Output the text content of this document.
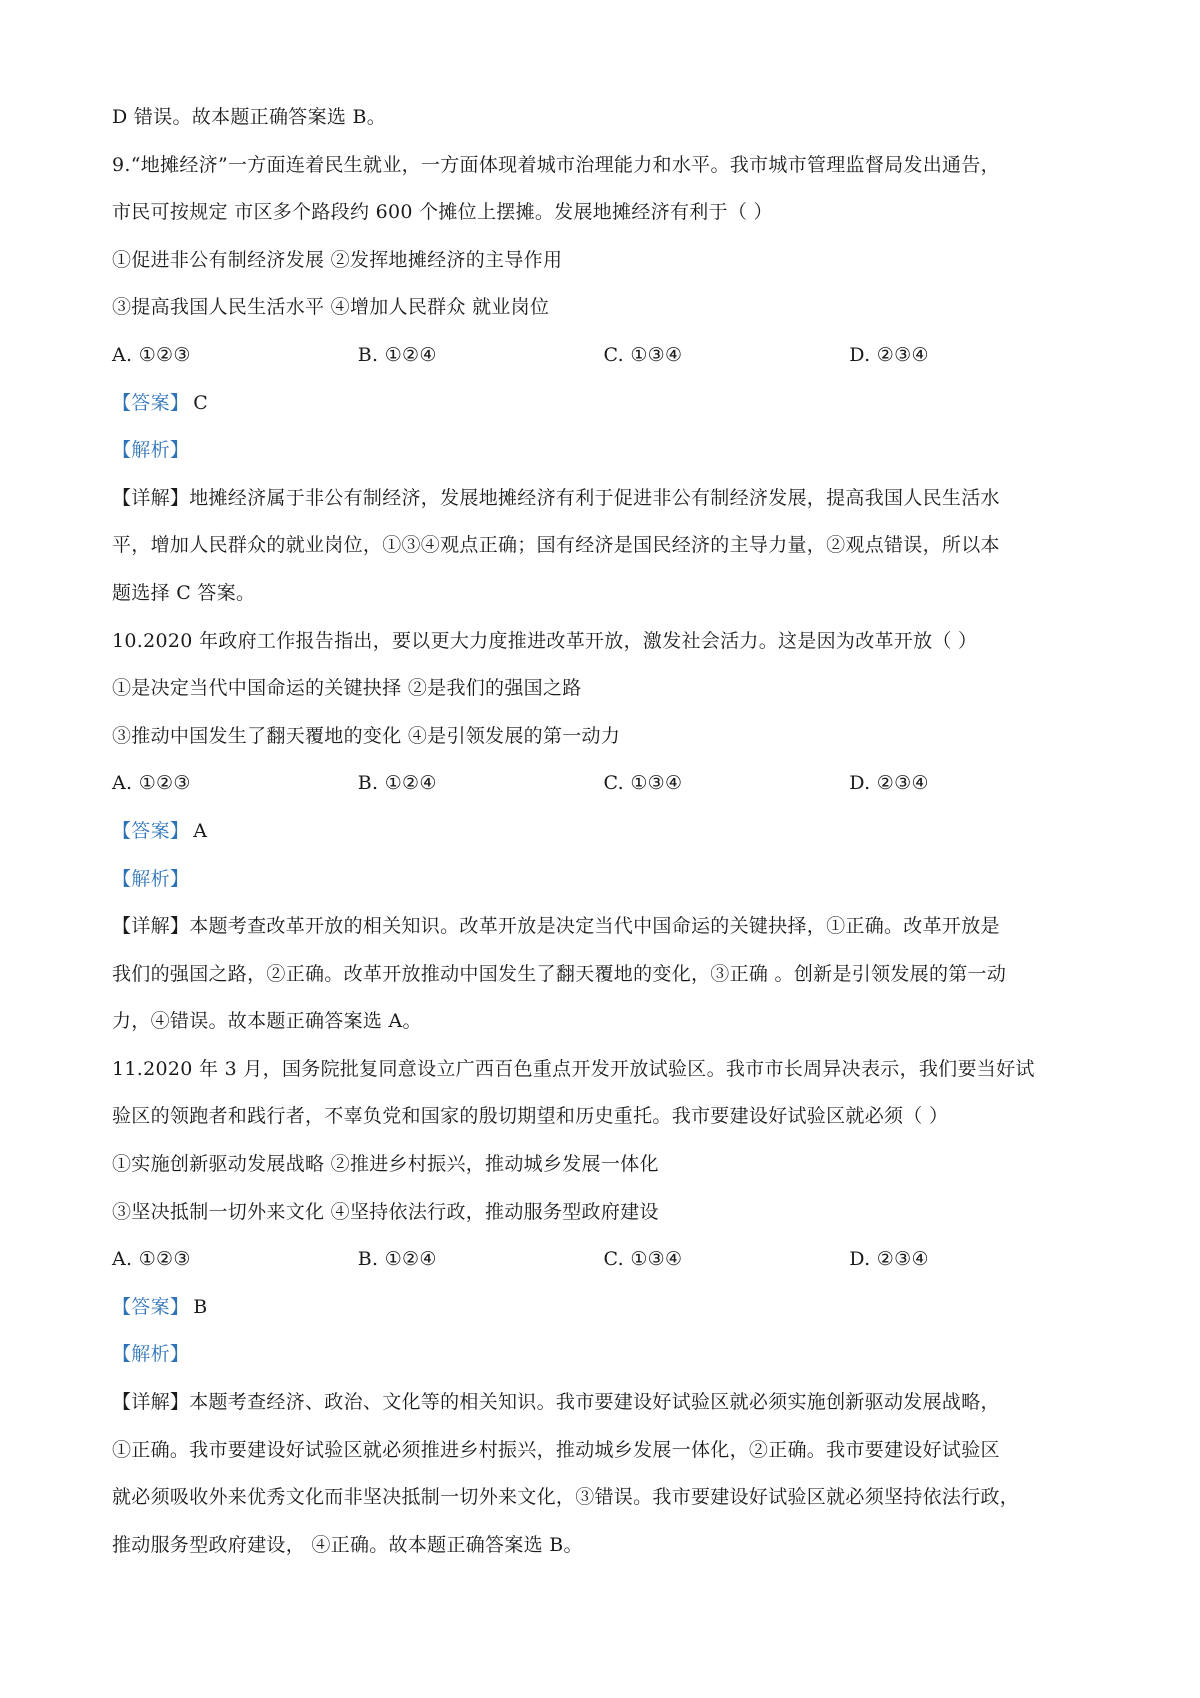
D 错误。故本题正确答案选 B。
9.“地摊经济”一方面连着民生就业，一方面体现着城市治理能力和水平。我市城市管理监督局发出通告，
市民可按规定 市区多个路段约 600 个摊位上摆摊。发展地摊经济有利于（ ）
①促进非公有制经济发展 ②发挥地摊经济的主导作用
③提高我国人民生活水平 ④增加人民群众 就业岗位
A. ①②③	B. ①②④	C. ①③④	D. ②③④
【答案】 C
【解析】
【详解】地摊经济属于非公有制经济，发展地摊经济有利于促进非公有制经济发展，提高我国人民生活水
平，增加人民群众的就业岗位，①③④观点正确；国有经济是国民经济的主导力量，②观点错误，所以本
题选择 C 答案。
10.2020 年政府工作报告指出，要以更大力度推进改革开放，激发社会活力。这是因为改革开放（ ）
①是决定当代中国命运的关键抉择 ②是我们的强国之路
③推动中国发生了翻天覆地的变化 ④是引领发展的第一动力
A. ①②③	B. ①②④	C. ①③④	D. ②③④
【答案】 A
【解析】
【详解】本题考查改革开放的相关知识。改革开放是决定当代中国命运的关键抉择，①正确。改革开放是
我们的强国之路，②正确。改革开放推动中国发生了翻天覆地的变化，③正确 。创新是引领发展的第一动
力，④错误。故本题正确答案选 A。
11.2020 年 3 月，国务院批复同意设立广西百色重点开发开放试验区。我市市长周异决表示，我们要当好试
验区的领跑者和践行者，不辜负党和国家的殷切期望和历史重托。我市要建设好试验区就必须（ ）
①实施创新驱动发展战略 ②推进乡村振兴，推动城乡发展一体化
③坚决抵制一切外来文化 ④坚持依法行政，推动服务型政府建设
A. ①②③	B. ①②④	C. ①③④	D. ②③④
【答案】 B
【解析】
【详解】本题考查经济、政治、文化等的相关知识。我市要建设好试验区就必须实施创新驱动发展战略，
①正确。我市要建设好试验区就必须推进乡村振兴，推动城乡发展一体化，②正确。我市要建设好试验区
就必须吸收外来优秀文化而非坚决抵制一切外来文化，③错误。我市要建设好试验区就必须坚持依法行政，
推动服务型政府建设， ④正确。故本题正确答案选 B。
